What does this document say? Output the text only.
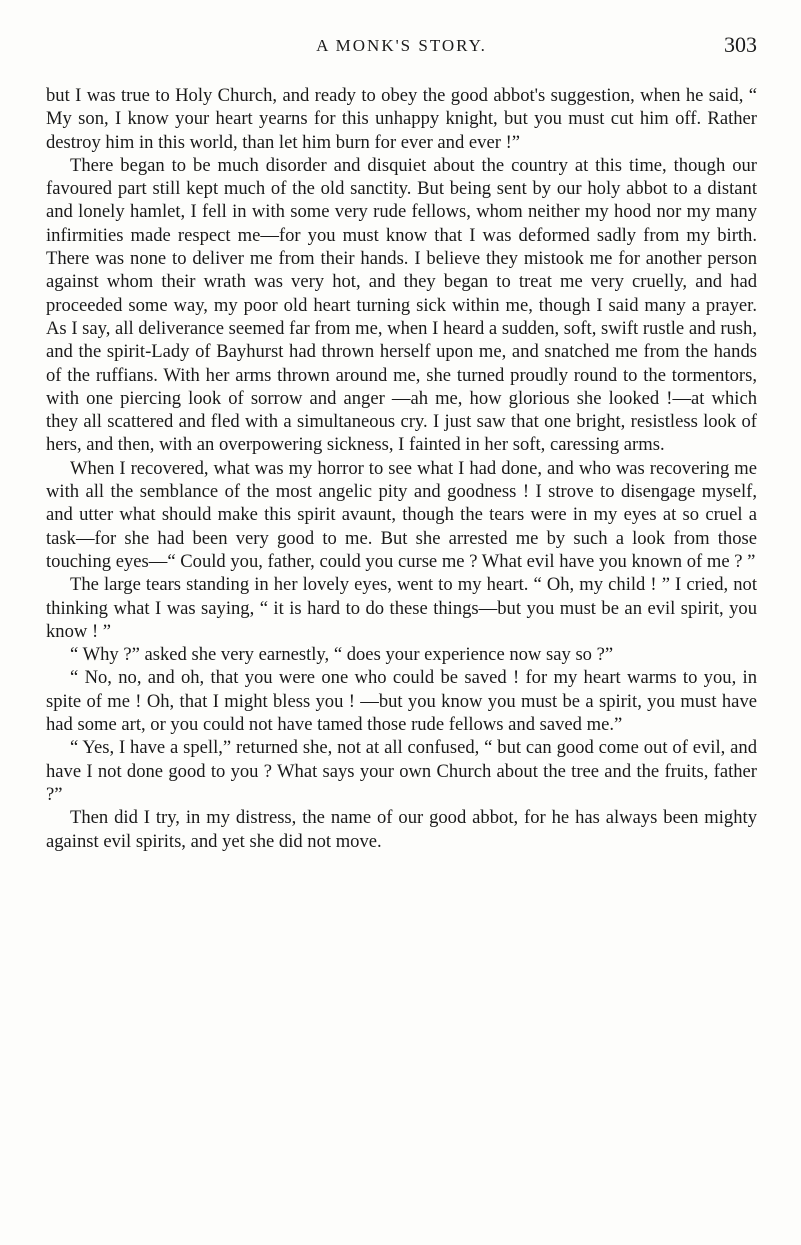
A MONK'S STORY.	303

but I was true to Holy Church, and ready to obey the good abbot's suggestion, when he said, “ My son, I know your heart yearns for this unhappy knight, but you must cut him off. Rather destroy him in this world, than let him burn for ever and ever !”

There began to be much disorder and disquiet about the country at this time, though our favoured part still kept much of the old sanctity. But being sent by our holy abbot to a distant and lonely hamlet, I fell in with some very rude fellows, whom neither my hood nor my many infirmities made respect me—for you must know that I was deformed sadly from my birth. There was none to deliver me from their hands. I believe they mistook me for another person against whom their wrath was very hot, and they began to treat me very cruelly, and had proceeded some way, my poor old heart turning sick within me, though I said many a prayer. As I say, all deliverance seemed far from me, when I heard a sudden, soft, swift rustle and rush, and the spirit-Lady of Bayhurst had thrown herself upon me, and snatched me from the hands of the ruffians. With her arms thrown around me, she turned proudly round to the tormentors, with one piercing look of sorrow and anger —ah me, how glorious she looked !—at which they all scattered and fled with a simultaneous cry. I just saw that one bright, resistless look of hers, and then, with an overpowering sickness, I fainted in her soft, caressing arms.

When I recovered, what was my horror to see what I had done, and who was recovering me with all the semblance of the most angelic pity and goodness ! I strove to disengage myself, and utter what should make this spirit avaunt, though the tears were in my eyes at so cruel a task—for she had been very good to me. But she arrested me by such a look from those touching eyes—“ Could you, father, could you curse me ? What evil have you known of me ? ”

The large tears standing in her lovely eyes, went to my heart. “ Oh, my child ! ” I cried, not thinking what I was saying, “ it is hard to do these things—but you must be an evil spirit, you know ! ”

“ Why ?” asked she very earnestly, “ does your experience now say so ?”

“ No, no, and oh, that you were one who could be saved ! for my heart warms to you, in spite of me ! Oh, that I might bless you ! —but you know you must be a spirit, you must have had some art, or you could not have tamed those rude fellows and saved me.”

“ Yes, I have a spell,” returned she, not at all confused, “ but can good come out of evil, and have I not done good to you ? What says your own Church about the tree and the fruits, father ?”

Then did I try, in my distress, the name of our good abbot, for he has always been mighty against evil spirits, and yet she did not move.
